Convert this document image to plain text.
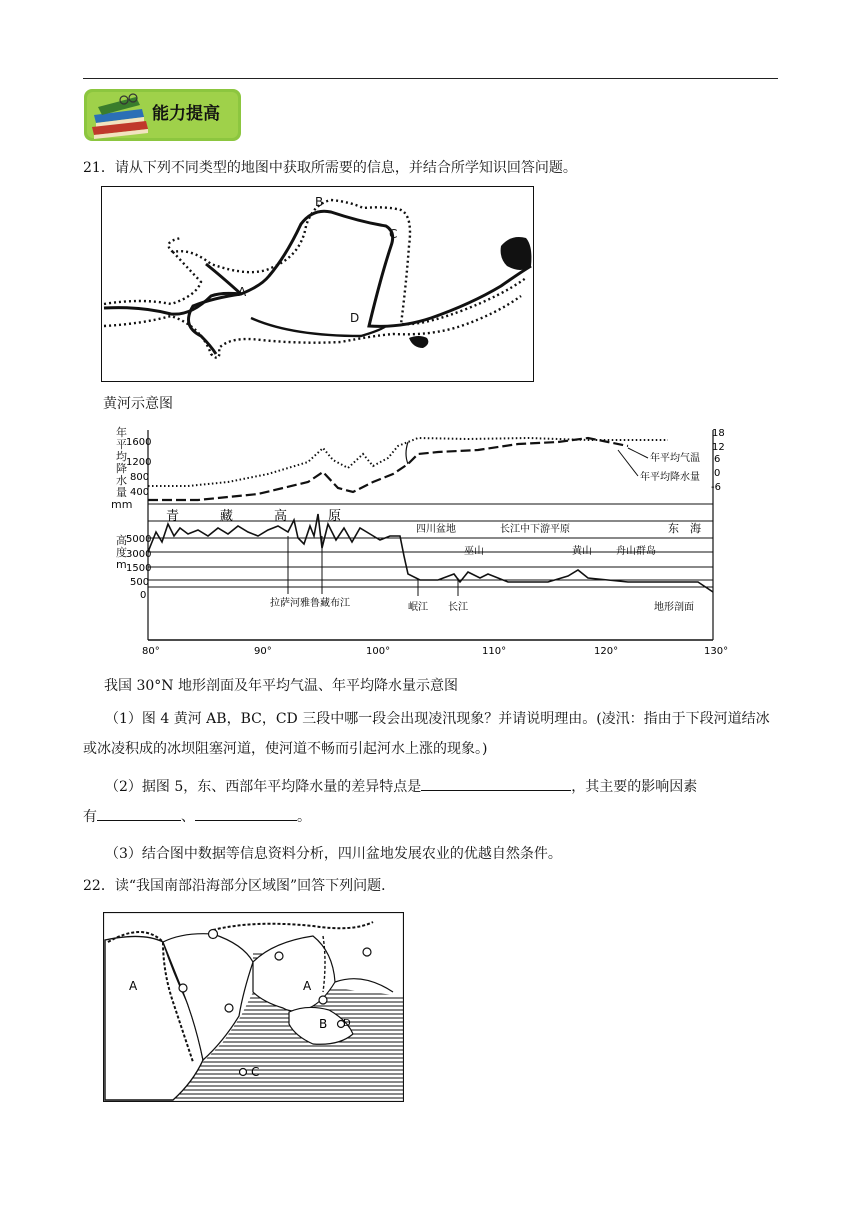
能力提高
21．请从下列不同类型的地图中获取所需要的信息，并结合所学知识回答问题。
B
C
A
D
黄河示意图
年平均降水量 mm
高度 m
1600
1200
800
400
5000
3000
1500
500
0
年平均气温
年平均降水量
18
12
6
0
-6
青	藏	高	原
四川盆地	长江中下游平原	东　海
巫山	黄山 舟山群岛
拉萨河雅鲁藏布江	岷江 长江	地形剖面
80°	90°	100°	110°	120°	130°
我国 30°N 地形剖面及年平均气温、年平均降水量示意图
（1）图 4 黄河 AB，BC，CD 三段中哪一段会出现凌汛现象？并请说明理由。(凌汛：指由于下段河道结冰或冰凌积成的冰坝阻塞河道，使河道不畅而引起河水上涨的现象。)
（2）据图 5，东、西部年平均降水量的差异特点是	，其主要的影响因素
有	、	。
（3）结合图中数据等信息资料分析，四川盆地发展农业的优越自然条件。
22．读“我国南部沿海部分区域图”回答下列问题．
A	A
B
C
D
